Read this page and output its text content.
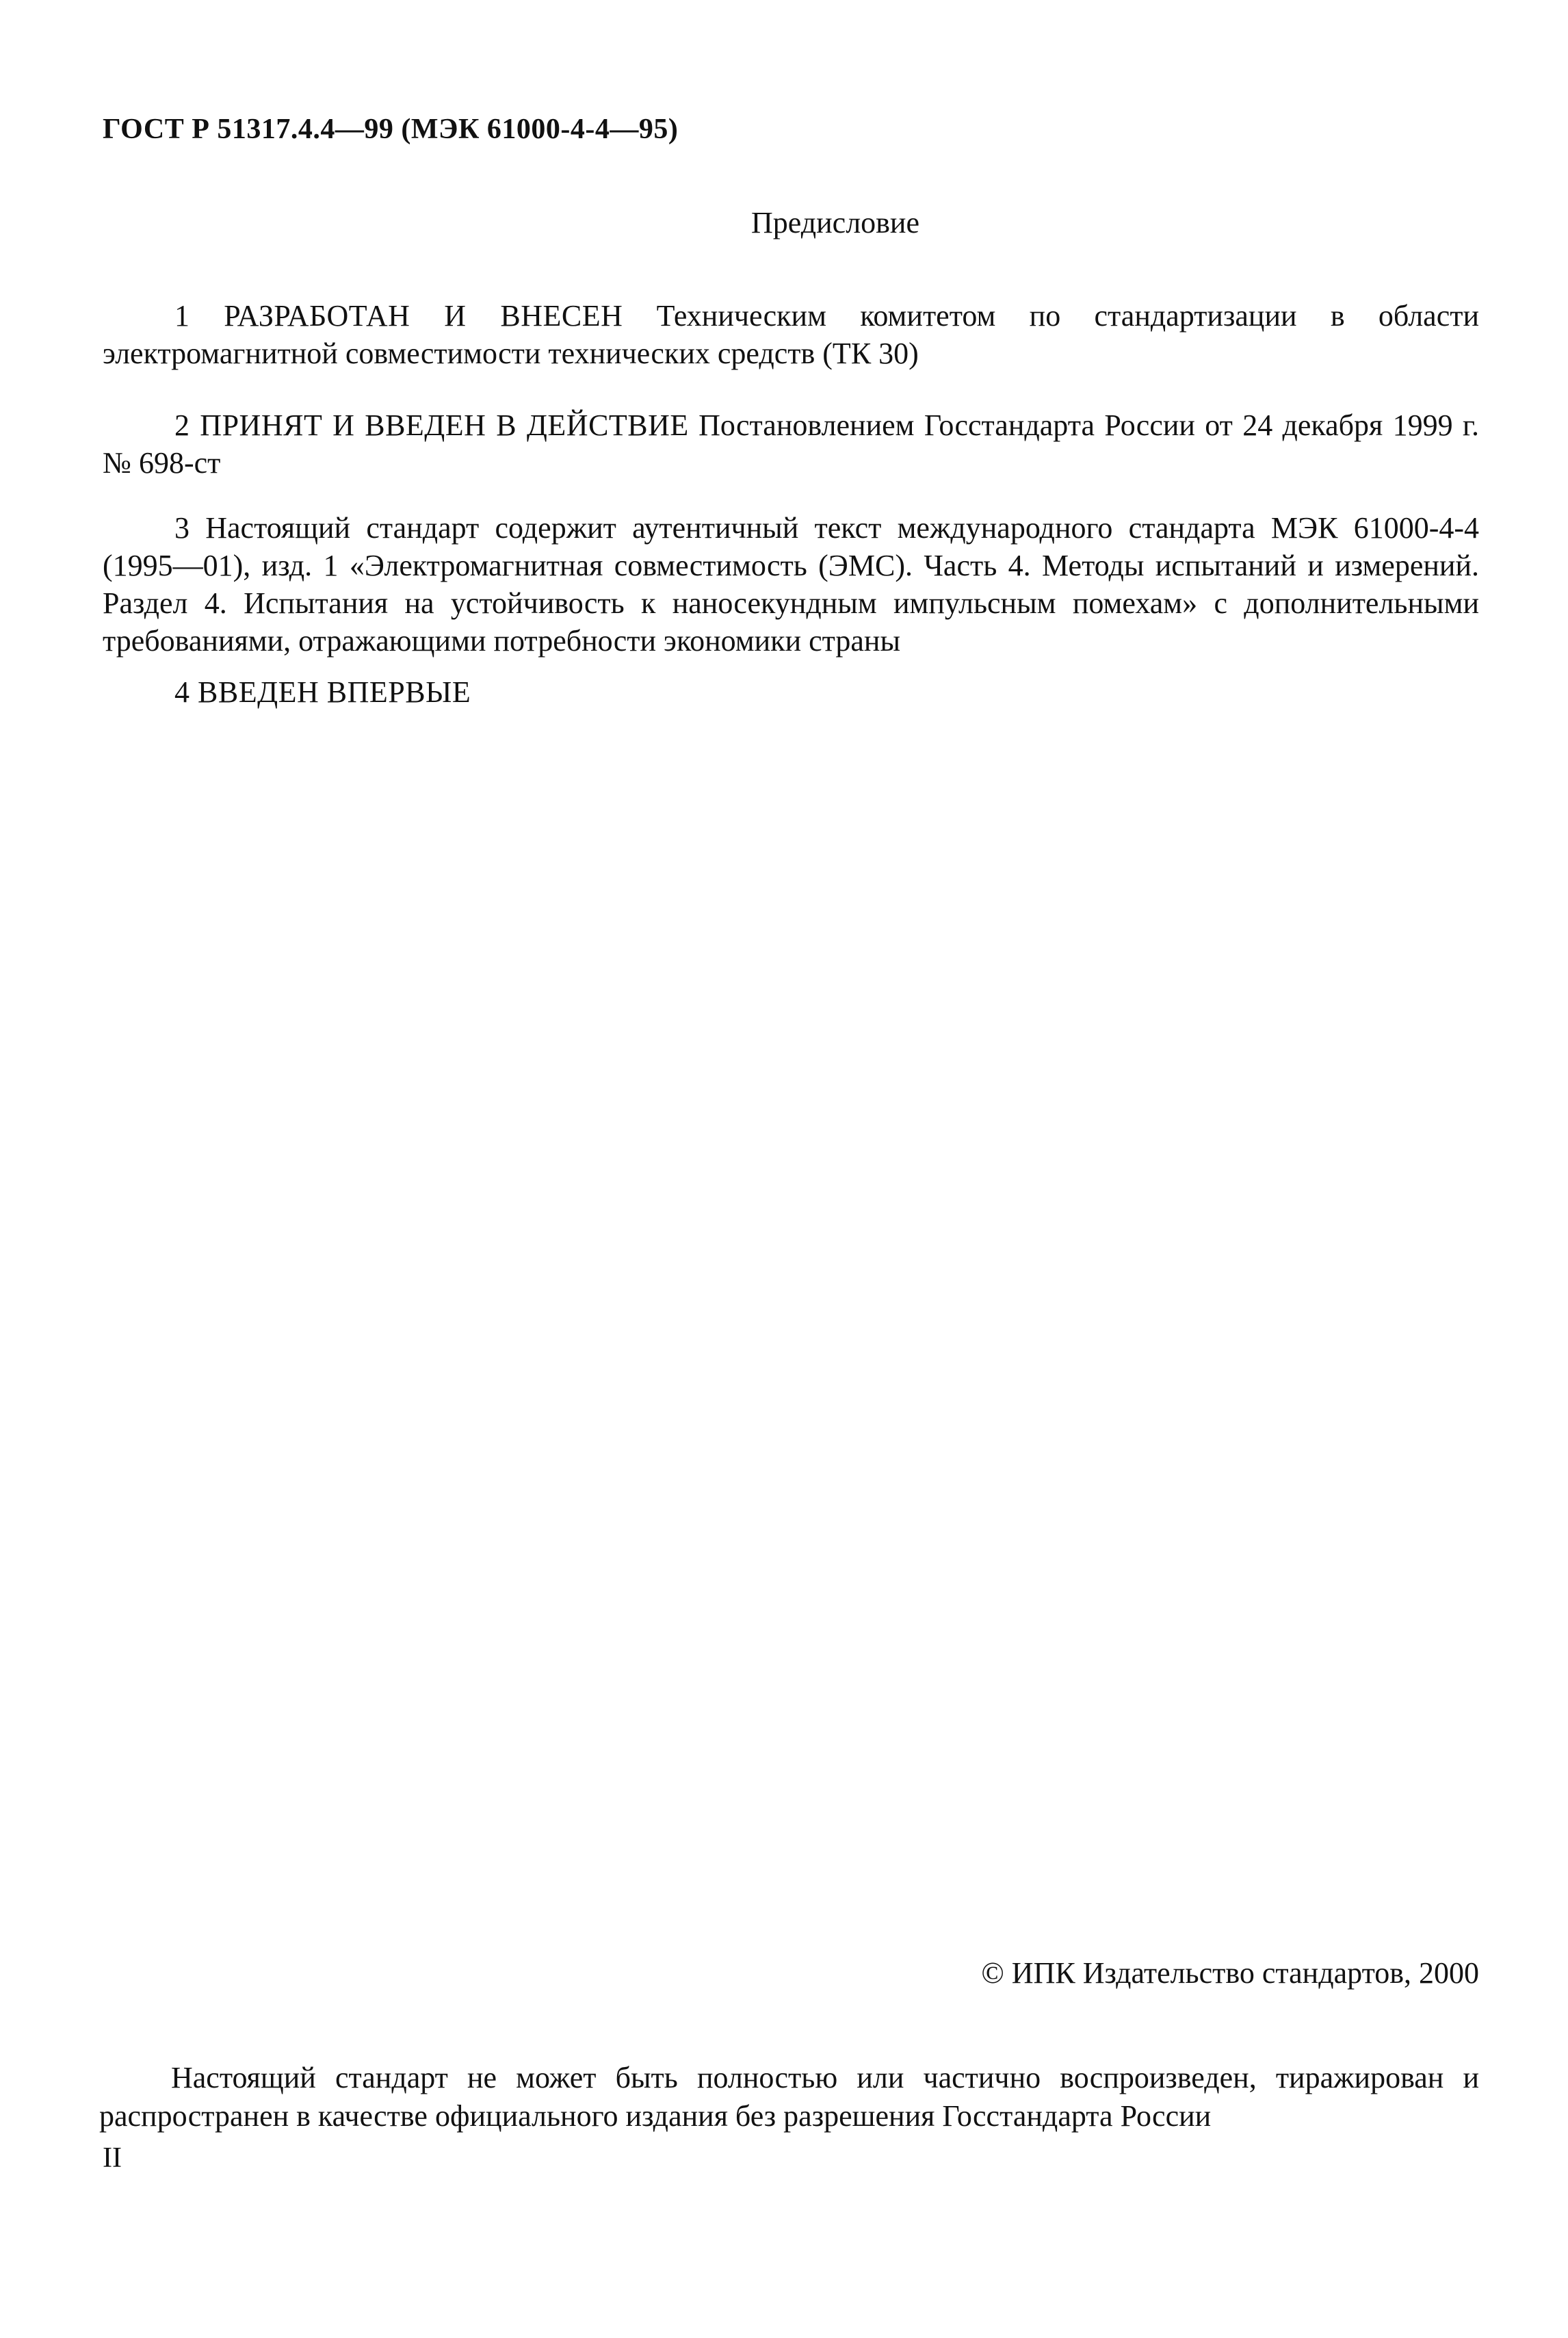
ГОСТ Р 51317.4.4—99 (МЭК 61000-4-4—95)
Предисловие

1 РАЗРАБОТАН И ВНЕСЕН Техническим комитетом по стандартизации в области электромагнитной совместимости технических средств (ТК 30)

2 ПРИНЯТ И ВВЕДЕН В ДЕЙСТВИЕ Постановлением Госстандарта России от 24 декабря 1999 г. № 698-ст

3 Настоящий стандарт содержит аутентичный текст международного стандарта МЭК 61000-4-4 (1995—01), изд. 1 «Электромагнитная совместимость (ЭМС). Часть 4. Методы испытаний и измерений. Раздел 4. Испытания на устойчивость к наносекундным импульсным помехам» с дополнительными требованиями, отражающими потребности экономики страны

4 ВВЕДЕН ВПЕРВЫЕ

© ИПК Издательство стандартов, 2000

Настоящий стандарт не может быть полностью или частично воспроизведен, тиражирован и распространен в качестве официального издания без разрешения Госстандарта России

II
